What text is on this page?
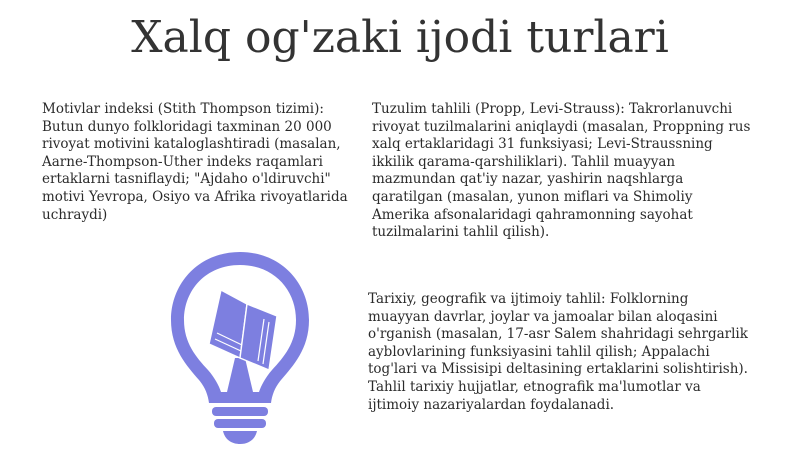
Xalq og'zaki ijodi turlari

Motivlar indeksi (Stith Thompson tizimi): Butun dunyo folkloridagi taxminan 20 000 rivoyat motivini kataloglashtiradi (masalan, Aarne-Thompson-Uther indeks raqamlari ertaklarni tasniflaydi; "Ajdaho o'ldiruvchi" motivi Yevropa, Osiyo va Afrika rivoyatlarida uchraydi)

Tuzulim tahlili (Propp, Levi-Strauss): Takrorlanuvchi rivoyat tuzilmalarini aniqlaydi (masalan, Proppning rus xalq ertaklaridagi 31 funksiyasi; Levi-Straussning ikkilik qarama-qarshiliklari). Tahlil muayyan mazmundan qat'iy nazar, yashirin naqshlarga qaratilgan (masalan, yunon miflari va Shimoliy Amerika afsonalaridagi qahramonning sayohat tuzilmalarini tahlil qilish).

Tarixiy, geografik va ijtimoiy tahlil: Folklorning muayyan davrlar, joylar va jamoalar bilan aloqasini o'rganish (masalan, 17-asr Salem shahridagi sehrgarlik ayblovlarining funksiyasini tahlil qilish; Appalachi tog'lari va Missisipi deltasining ertaklarini solishtirish). Tahlil tarixiy hujjatlar, etnografik ma'lumotlar va ijtimoiy nazariyalardan foydalanadi.
